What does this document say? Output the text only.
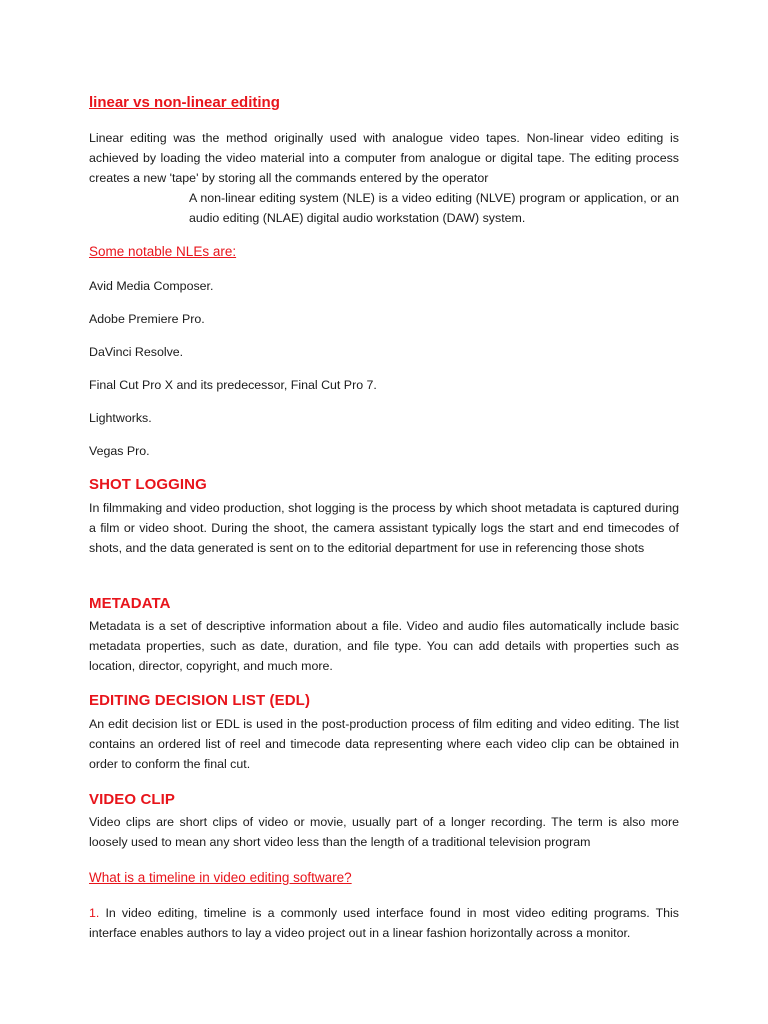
linear vs non-linear editing
Linear editing was the method originally used with analogue video tapes. Non-linear video editing is achieved by loading the video material into a computer from analogue or digital tape. The editing process creates a new 'tape' by storing all the commands entered by the operator
A non-linear editing system (NLE) is a video editing (NLVE) program or application, or an audio editing (NLAE) digital audio workstation (DAW) system.
Some notable NLEs are:
Avid Media Composer.
Adobe Premiere Pro.
DaVinci Resolve.
Final Cut Pro X and its predecessor, Final Cut Pro 7.
Lightworks.
Vegas Pro.
SHOT LOGGING
In filmmaking and video production, shot logging is the process by which shoot metadata is captured during a film or video shoot. During the shoot, the camera assistant typically logs the start and end timecodes of shots, and the data generated is sent on to the editorial department for use in referencing those shots
METADATA
Metadata is a set of descriptive information about a file. Video and audio files automatically include basic metadata properties, such as date, duration, and file type. You can add details with properties such as location, director, copyright, and much more.
EDITING DECISION LIST (EDL)
An edit decision list or EDL is used in the post-production process of film editing and video editing. The list contains an ordered list of reel and timecode data representing where each video clip can be obtained in order to conform the final cut.
VIDEO CLIP
Video clips are short clips of video or movie, usually part of a longer recording. The term is also more loosely used to mean any short video less than the length of a traditional television program
What is a timeline in video editing software?
1. In video editing, timeline is a commonly used interface found in most video editing programs. This interface enables authors to lay a video project out in a linear fashion horizontally across a monitor.
